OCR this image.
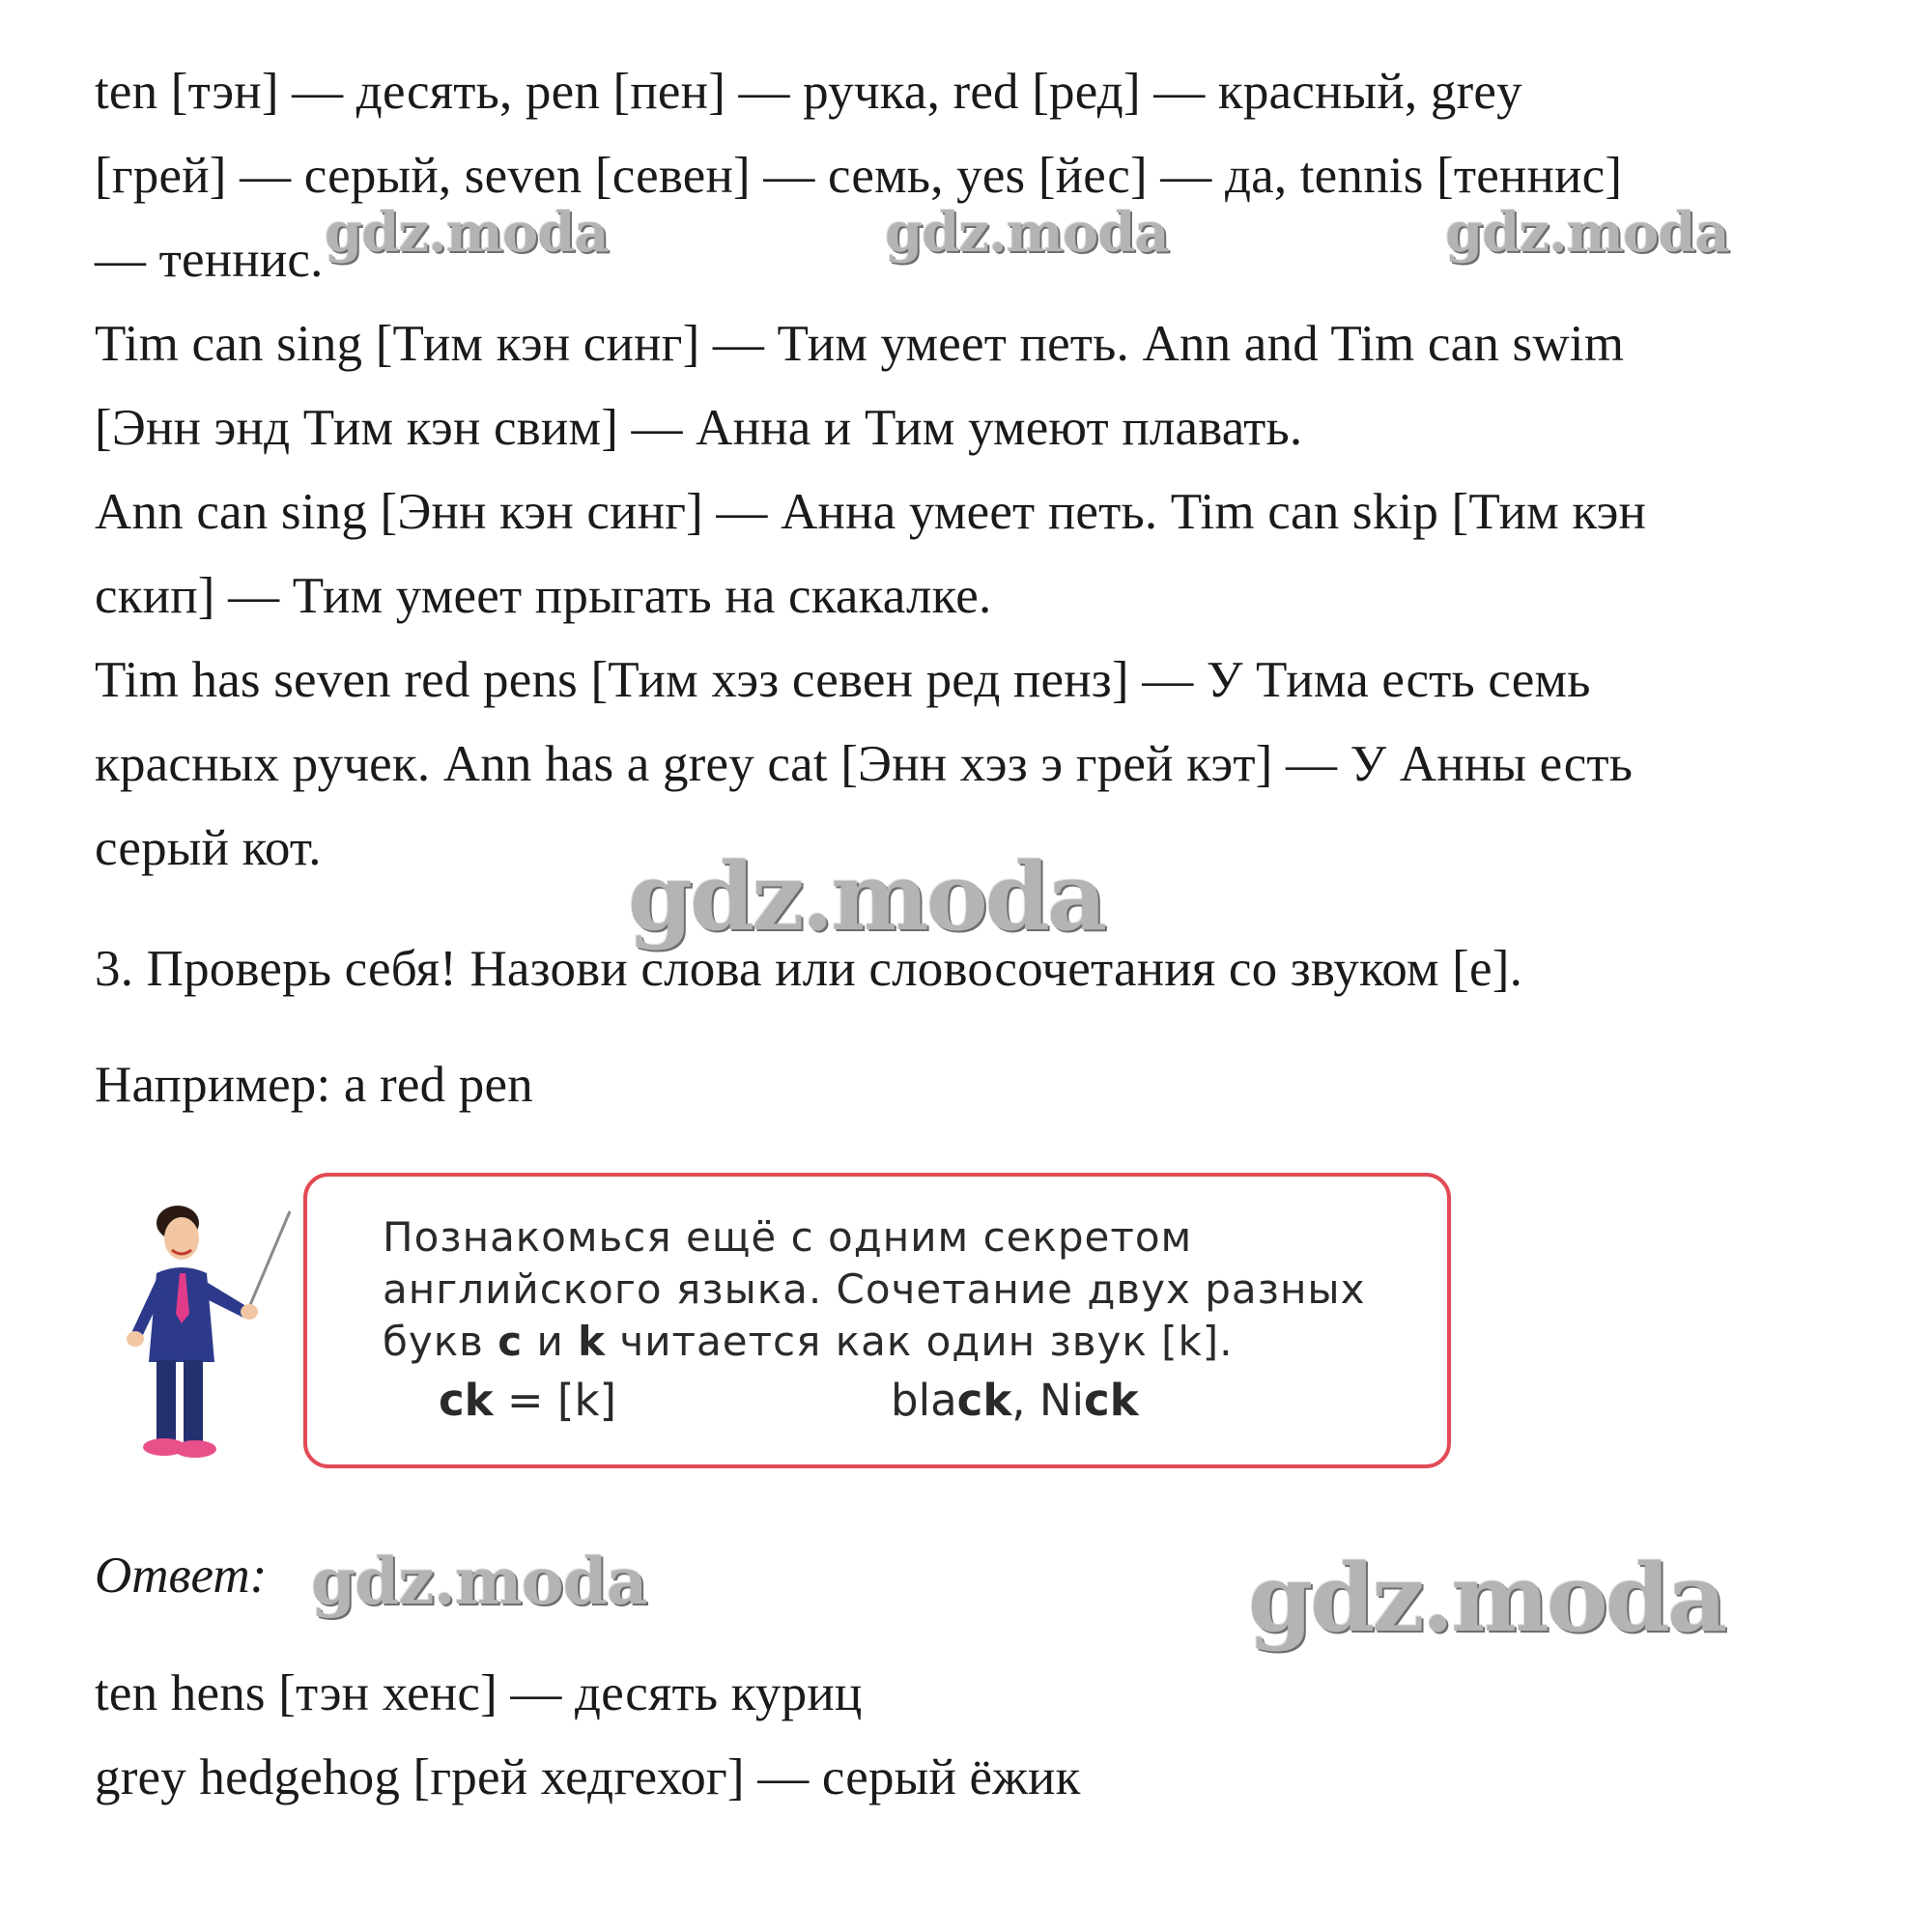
ten [тэн] — десять, pen [пен] — ручка, red [ред] — красный, grey
[грей] — серый, seven [севен] — семь, yes [йес] — да, tennis [теннис]
— теннис.
Tim can sing [Тим кэн синг] — Тим умеет петь. Ann and Tim can swim
[Энн энд Тим кэн свим] — Анна и Тим умеют плавать.
Ann can sing [Энн кэн синг] — Анна умеет петь. Tim can skip [Тим кэн
скип] — Тим умеет прыгать на скакалке.
Tim has seven red pens [Тим хэз севен ред пенз] — У Тима есть семь
красных ручек. Ann has a grey cat [Энн хэз э грей кэт] — У Анны есть
серый кот.
3. Проверь себя! Назови слова или словосочетания со звуком [e].
Например: a red pen
Познакомься ещё с одним секретом
английского языка. Сочетание двух разных
букв c и k читается как один звук [k].
ck = [k]	black, Nick
Ответ:
ten hens [тэн хенс] — десять куриц
grey hedgehog [грей хедгехог] — серый ёжик
gdz.moda	gdz.moda	gdz.moda
gdz.moda
gdz.moda	gdz.moda
